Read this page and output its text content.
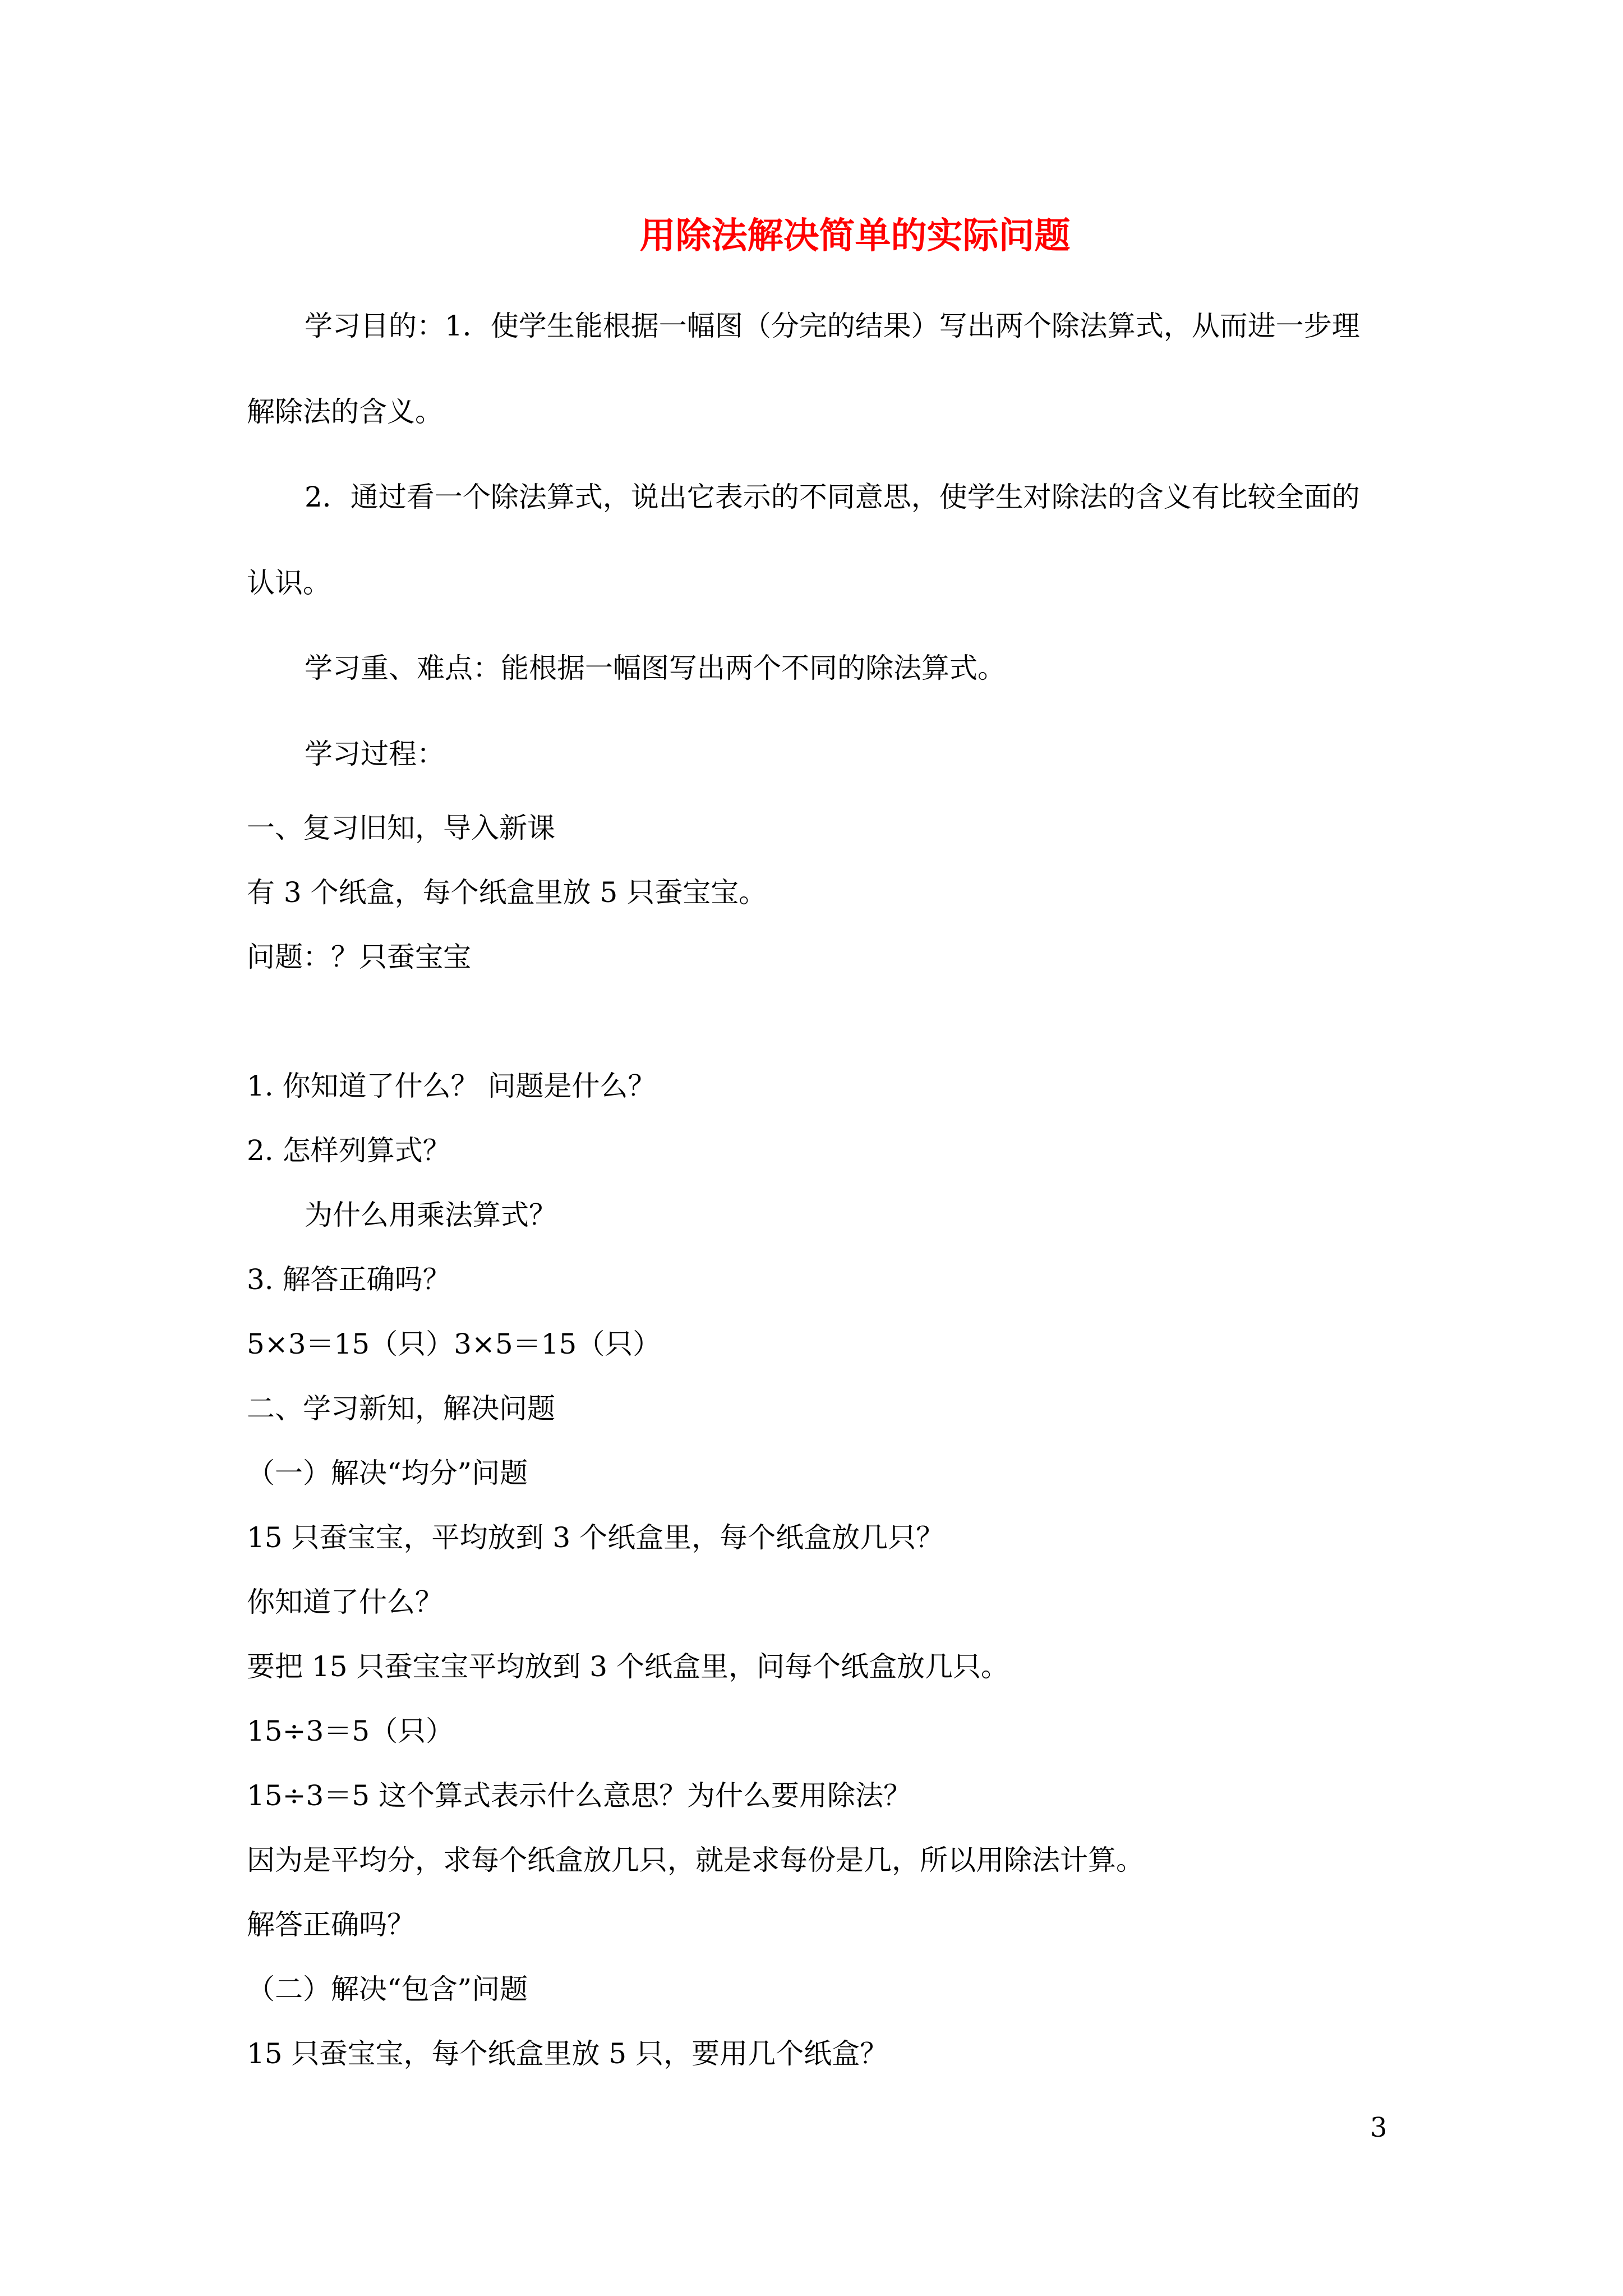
用除法解决简单的实际问题

学习目的：1．使学生能根据一幅图（分完的结果）写出两个除法算式，从而进一步理

解除法的含义。

2．通过看一个除法算式，说出它表示的不同意思，使学生对除法的含义有比较全面的

认识。

学习重、难点：能根据一幅图写出两个不同的除法算式。

学习过程：

一、复习旧知，导入新课

有 3 个纸盒，每个纸盒里放 5 只蚕宝宝。

问题：？只蚕宝宝

1. 你知道了什么？ 问题是什么？

2. 怎样列算式？

为什么用乘法算式？

3. 解答正确吗？

5×3＝15（只）3×5＝15（只）

二、学习新知，解决问题

（一）解决“均分”问题

15 只蚕宝宝，平均放到 3 个纸盒里，每个纸盒放几只？

你知道了什么？

要把 15 只蚕宝宝平均放到 3 个纸盒里，问每个纸盒放几只。

15÷3＝5（只）

15÷3＝5 这个算式表示什么意思？为什么要用除法？

因为是平均分，求每个纸盒放几只，就是求每份是几，所以用除法计算。

解答正确吗？

（二）解决“包含”问题

15 只蚕宝宝，每个纸盒里放 5 只，要用几个纸盒？

3
